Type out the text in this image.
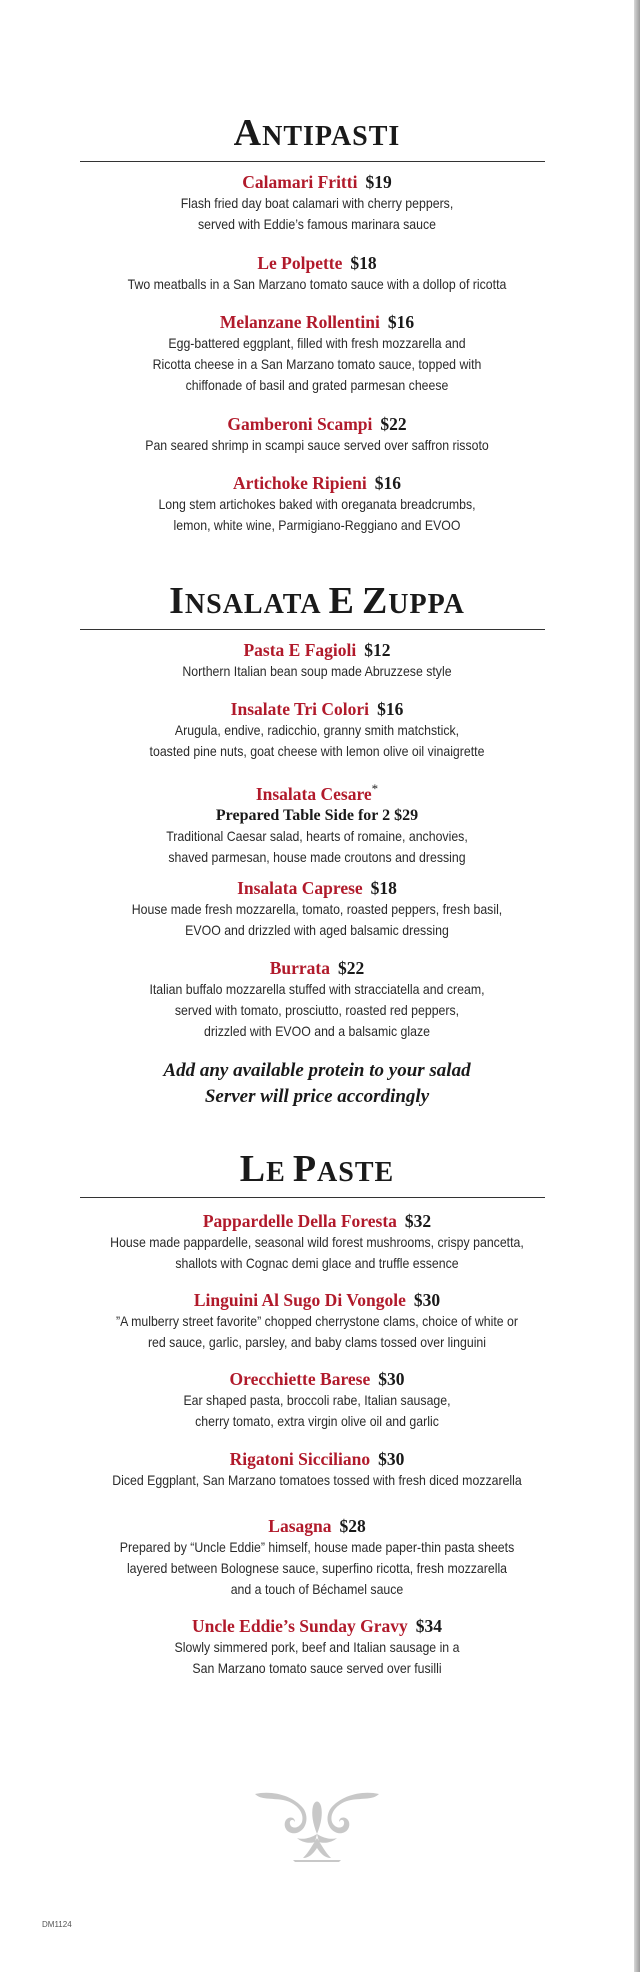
ANTIPASTI

Calamari Fritti $19

Flash fried day boat calamari with cherry peppers,

served with Eddie’s famous marinara sauce

Le Polpette $18

Two meatballs in a San Marzano tomato sauce with a dollop of ricotta

Melanzane Rollentini $16

Egg-battered eggplant, filled with fresh mozzarella and

Ricotta cheese in a San Marzano tomato sauce, topped with

chiffonade of basil and grated parmesan cheese

Gamberoni Scampi $22

Pan seared shrimp in scampi sauce served over saffron rissoto

Artichoke Ripieni $16

Long stem artichokes baked with oreganata breadcrumbs,

lemon, white wine, Parmigiano-Reggiano and EVOO

INSALATA E ZUPPA

Pasta E Fagioli $12

Northern Italian bean soup made Abruzzese style

Insalate Tri Colori $16

Arugula, endive, radicchio, granny smith matchstick,

toasted pine nuts, goat cheese with lemon olive oil vinaigrette

Insalata Cesare*

Prepared Table Side for 2 $29

Traditional Caesar salad, hearts of romaine, anchovies,

shaved parmesan, house made croutons and dressing

Insalata Caprese $18

House made fresh mozzarella, tomato, roasted peppers, fresh basil,

EVOO and drizzled with aged balsamic dressing

Burrata $22

Italian buffalo mozzarella stuffed with stracciatella and cream,

served with tomato, prosciutto, roasted red peppers,

drizzled with EVOO and a balsamic glaze

Add any available protein to your salad

Server will price accordingly

LE PASTE

Pappardelle Della Foresta $32

House made pappardelle, seasonal wild forest mushrooms, crispy pancetta,

shallots with Cognac demi glace and truffle essence

Linguini Al Sugo Di Vongole $30

”A mulberry street favorite” chopped cherrystone clams, choice of white or

red sauce, garlic, parsley, and baby clams tossed over linguini

Orecchiette Barese $30

Ear shaped pasta, broccoli rabe, Italian sausage,

cherry tomato, extra virgin olive oil and garlic

Rigatoni Sicciliano $30

Diced Eggplant, San Marzano tomatoes tossed with fresh diced mozzarella

Lasagna $28

Prepared by “Uncle Eddie” himself, house made paper-thin pasta sheets

layered between Bolognese sauce, superfino ricotta, fresh mozzarella

and a touch of Béchamel sauce

Uncle Eddie’s Sunday Gravy $34

Slowly simmered pork, beef and Italian sausage in a

San Marzano tomato sauce served over fusilli

DM1124
